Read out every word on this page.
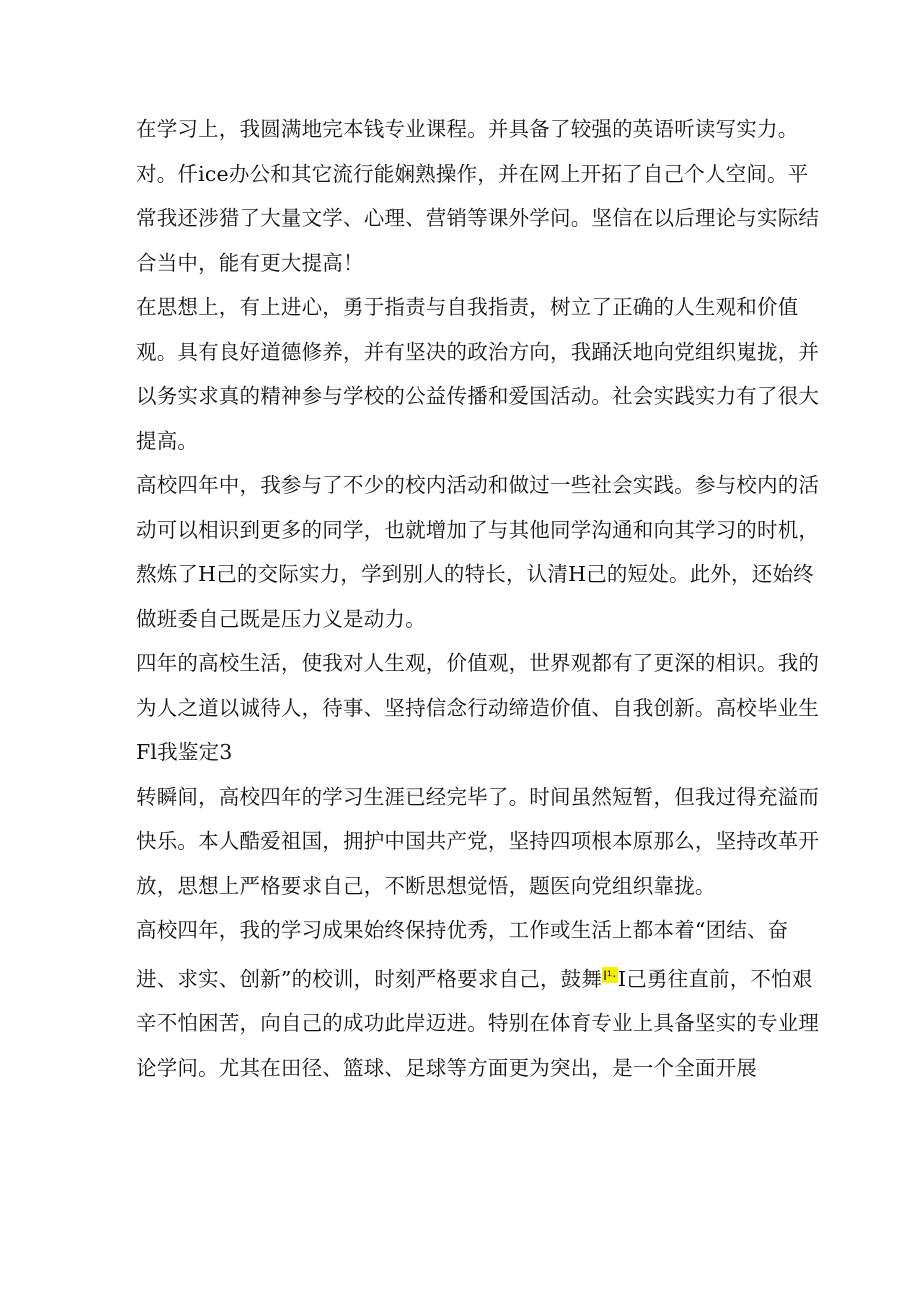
在学习上，我圆满地完本钱专业课程。并具备了较强的英语听读写实力。对。仟ice办公和其它流行能娴熟操作，并在网上开拓了自己个人空间。平常我还涉猎了大量文学、心理、营销等课外学问。坚信在以后理论与实际结合当中，能有更大提高！

在思想上，有上进心，勇于指责与自我指责，树立了正确的人生观和价值观。具有良好道德修养，并有坚决的政治方向，我踊沃地向党组织嵬拢，并以务实求真的精神参与学校的公益传播和爱国活动。社会实践实力有了很大提高。

高校四年中，我参与了不少的校内活动和做过一些社会实践。参与校内的活动可以相识到更多的同学，也就增加了与其他同学沟通和向其学习的时机，熬炼了H己的交际实力，学到别人的特长，认清H己的短处。此外，还始终做班委自己既是压力义是动力。

四年的高校生活，使我对人生观，价值观，世界观都有了更深的相识。我的为人之道以诚待人，待事、坚持信念行动缔造价值、自我创新。高校毕业生Fl我鉴定3

转瞬间，高校四年的学习生涯已经完毕了。时间虽然短暂，但我过得充溢而快乐。本人酷爱祖国，拥护中国共产党，坚持四项根本原那么，坚持改革开放，思想上严格要求自己，不断思想觉悟，题医向党组织靠拢。

高校四年，我的学习成果始终保持优秀，工作或生活上都本着“团结、奋进、求实、创新”的校训，时刻严格要求自己，鼓舞$^{I^1\cdot}$I己勇往直前，不怕艰辛不怕困苦，向自己的成功此岸迈进。特别在体育专业上具备坚实的专业理论学问。尤其在田径、篮球、足球等方面更为突出，是一个全面开展
